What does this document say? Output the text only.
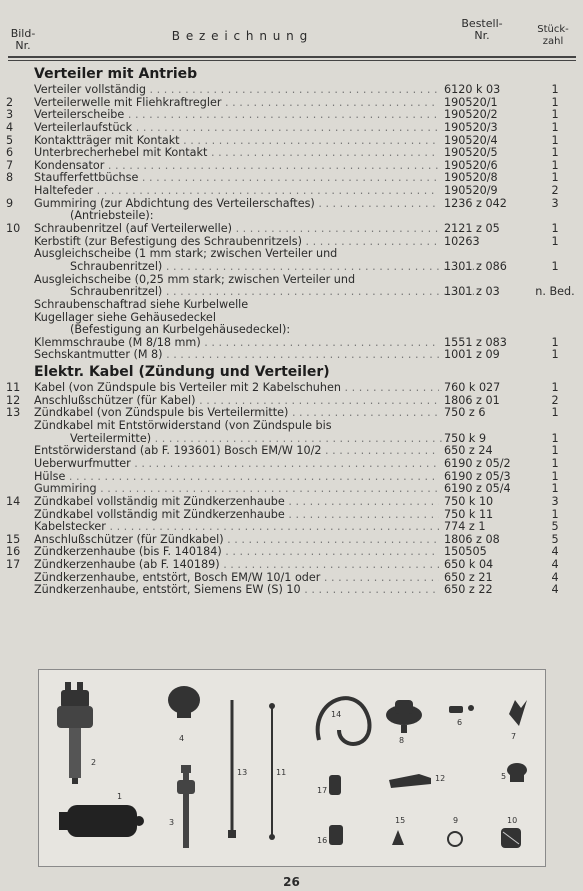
Bild-
Nr.
B e z e i c h n u n g
Bestell-
Nr.	Stück-
zahl
Verteiler mit Antrieb
Verteiler vollständig . . .	6120 k 03	1
2	Verteilerwelle mit Fliehkraftregler . . .	190520/1	1
3	Verteilerscheibe . . .	190520/2	1
4	Verteilerlaufstück . . .	190520/3	1
5	Kontaktträger mit Kontakt . . .	190520/4	1
6	Unterbrecherhebel mit Kontakt . . .	190520/5	1
7	Kondensator . . .	190520/6	1
8	Staufferfettbüchse . . .	190520/8	1
Haltefeder . . .	190520/9	2
9	Gummiring (zur Abdichtung des Verteilerschaftes) . . .	1236 z 042	3
(Antriebsteile):
10	Schraubenritzel (auf Verteilerwelle) . . .	2121 z 05	1
Kerbstift (zur Befestigung des Schraubenritzels) . . .	10263	1
Ausgleichscheibe (1 mm stark; zwischen Verteiler und
Schraubenritzel) . . .	1301 z 086	1
Ausgleichscheibe (0,25 mm stark; zwischen Verteiler und
Schraubenritzel) . . .	1301 z 03	n. Bed.
Schraubenschaftrad siehe Kurbelwelle
Kugellager siehe Gehäusedeckel
(Befestigung an Kurbelgehäusedeckel):
Klemmschraube (M 8/18 mm) . . .	1551 z 083	1
Sechskantmutter (M 8) . . .	1001 z 09	1
Elektr. Kabel (Zündung und Verteiler)
11	Kabel (von Zündspule bis Verteiler mit 2 Kabelschuhen . . .	760 k 027	1
12	Anschlußschützer (für Kabel) . . .	1806 z 01	2
13	Zündkabel (von Zündspule bis Verteilermitte) . . .	750 z 6	1
Zündkabel mit Entstörwiderstand (von Zündspule bis
Verteilermitte) . . .	750 k 9	1
Entstörwiderstand (ab F. 193601) Bosch EM/W 10/2 . . .	650 z 24	1
Ueberwurfmutter . . .	6190 z 05/2	1
Hülse . . .	6190 z 05/3	1
Gummiring . . .	6190 z 05/4	1
14	Zündkabel vollständig mit Zündkerzenhaube . . .	750 k 10	3
Zündkabel vollständig mit Zündkerzenhaube . . .	750 k 11	1
Kabelstecker . . .	774 z 1	5
15	Anschlußschützer (für Zündkabel) . . .	1806 z 08	5
16	Zündkerzenhaube (bis F. 140184) . . .	150505	4
17	Zündkerzenhaube (ab F. 140189) . . .	650 k 04	4
Zündkerzenhaube, entstört, Bosch EM/W 10/1 oder . . .	650 z 21	4
Zündkerzenhaube, entstört, Siemens EW (S) 10 . . .	650 z 22	4
2
1
4
3
13	11
14
17
16
8
12
6
7
5
15	9	10
26
